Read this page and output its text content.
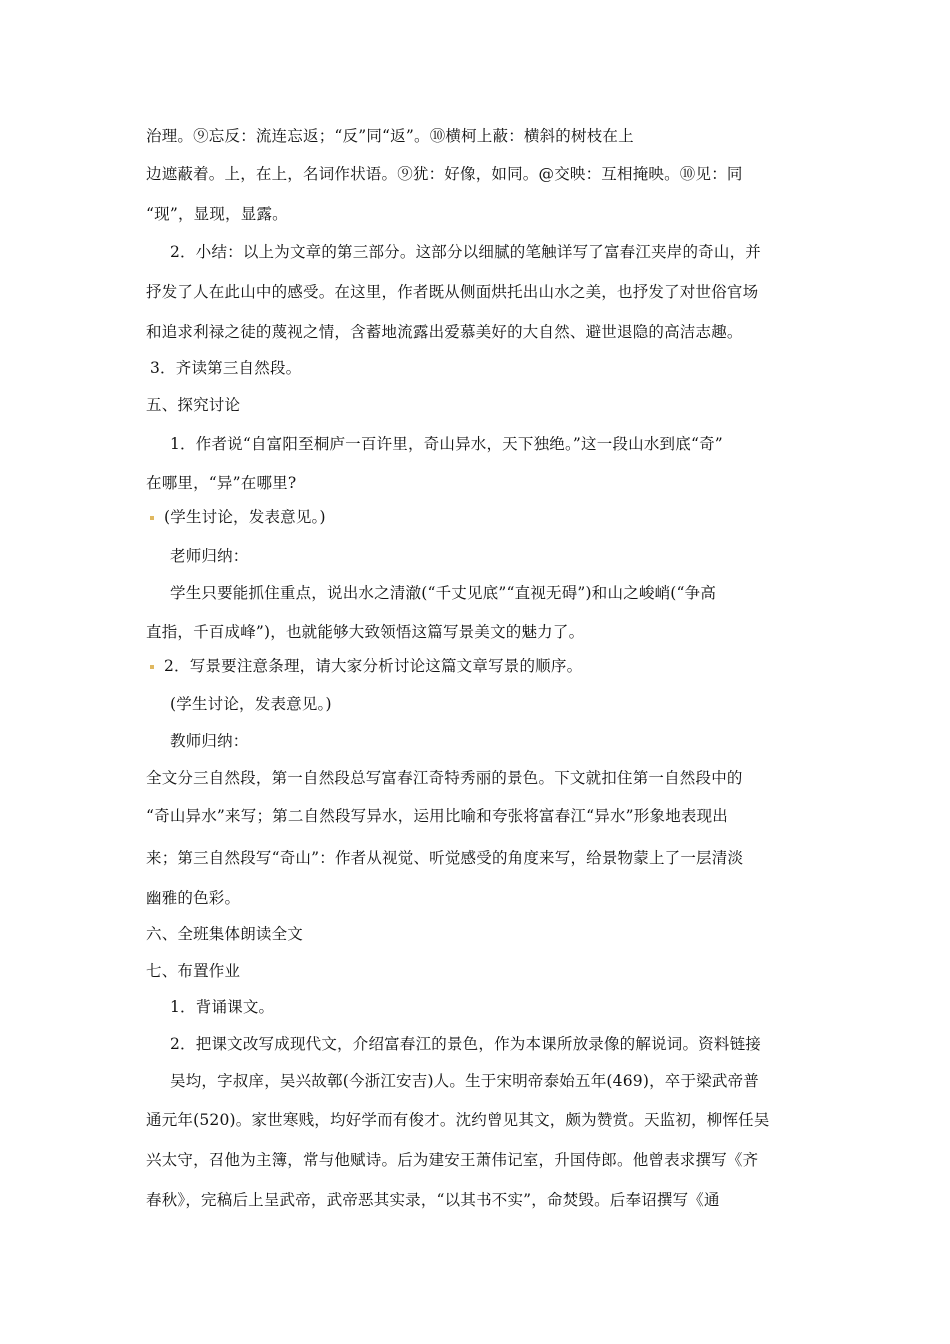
治理。⑨忘反：流连忘返；“反”同“返”。⑩横柯上蔽：横斜的树枝在上
边遮蔽着。上，在上，名词作状语。⑨犹：好像，如同。@交映：互相掩映。⑩见：同
“现”，显现，显露。
2．小结：以上为文章的第三部分。这部分以细腻的笔触详写了富春江夹岸的奇山，并
抒发了人在此山中的感受。在这里，作者既从侧面烘托出山水之美，也抒发了对世俗官场
和追求利禄之徒的蔑视之情，含蓄地流露出爱慕美好的大自然、避世退隐的高洁志趣。
3．齐读第三自然段。
五、探究讨论
1．作者说“自富阳至桐庐一百许里，奇山异水，天下独绝。”这一段山水到底“奇”
在哪里，“异”在哪里?
(学生讨论，发表意见。)
老师归纳：
学生只要能抓住重点，说出水之清澈(“千丈见底”“直视无碍”)和山之峻峭(“争高
直指，千百成峰”)，也就能够大致领悟这篇写景美文的魅力了。
2．写景要注意条理，请大家分析讨论这篇文章写景的顺序。
(学生讨论，发表意见。)
教师归纳：
全文分三自然段，第一自然段总写富春江奇特秀丽的景色。下文就扣住第一自然段中的
“奇山异水”来写；第二自然段写异水，运用比喻和夸张将富春江“异水”形象地表现出
来；第三自然段写“奇山”：作者从视觉、听觉感受的角度来写，给景物蒙上了一层清淡
幽雅的色彩。
六、全班集体朗读全文
七、布置作业
1．背诵课文。
2．把课文改写成现代文，介绍富春江的景色，作为本课所放录像的解说词。资料链接
吴均，字叔庠，吴兴故鄣(今浙江安吉)人。生于宋明帝泰始五年(469)，卒于梁武帝普
通元年(520)。家世寒贱，均好学而有俊才。沈约曾见其文，颇为赞赏。天监初，柳恽任吴
兴太守，召他为主簿，常与他赋诗。后为建安王萧伟记室，升国侍郎。他曾表求撰写《齐
春秋》，完稿后上呈武帝，武帝恶其实录，“以其书不实”，命焚毁。后奉诏撰写《通
